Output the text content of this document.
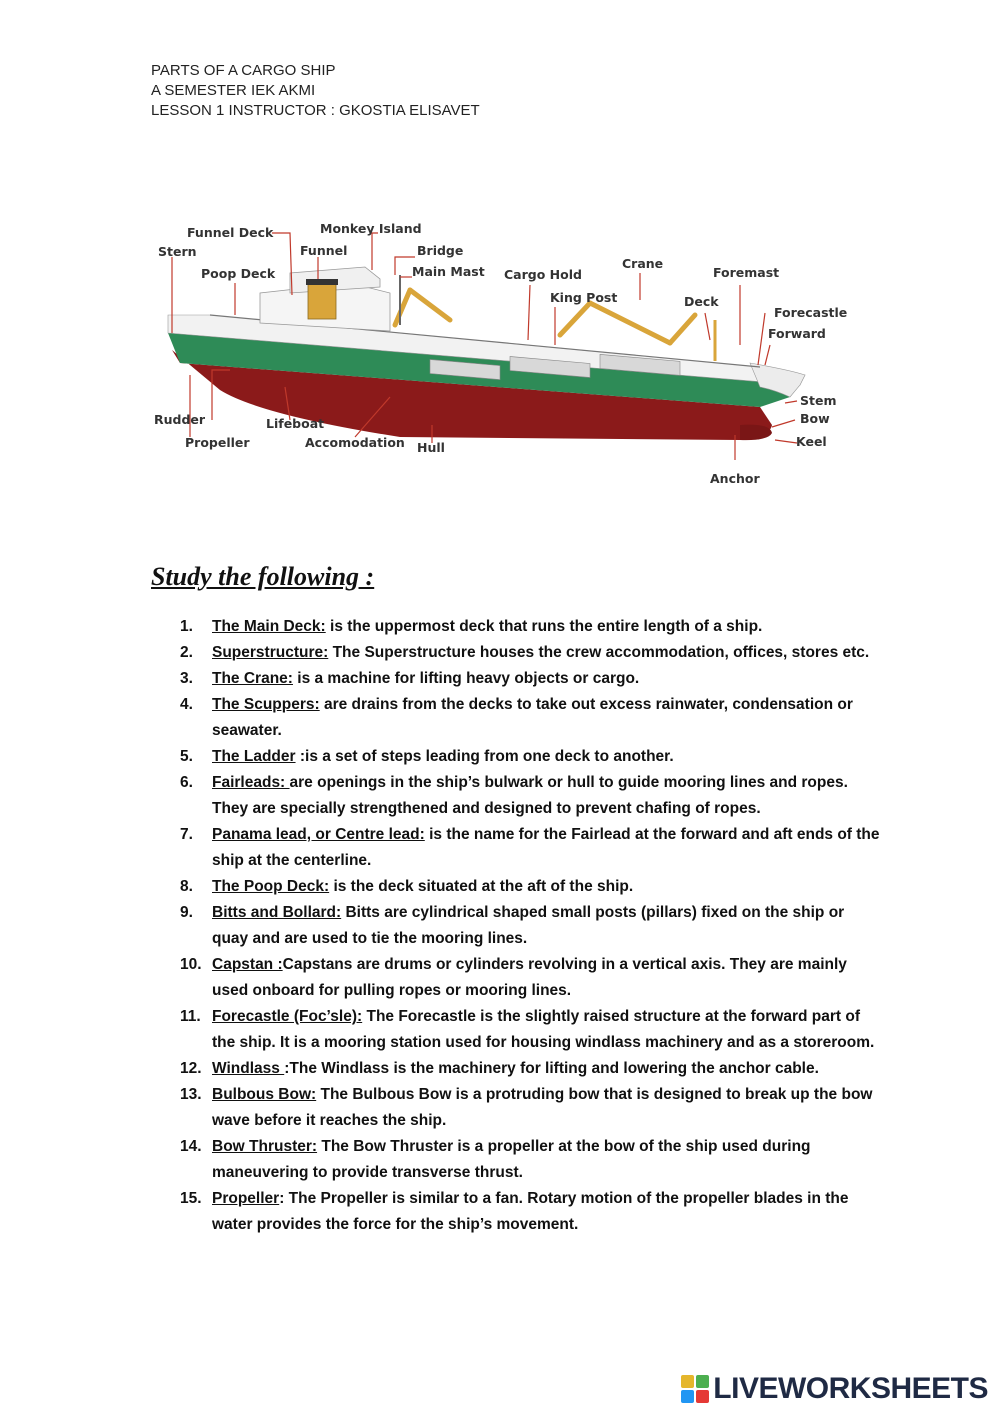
PARTS OF A CARGO SHIP
A SEMESTER IEK AKMI
LESSON 1 INSTRUCTOR : GKOSTIA ELISAVET
Funnel Deck	Monkey Island
Stern	Funnel	Bridge
Poop Deck	Main Mast Cargo Hold
Crane
Foremast
King Post	Deck
Forecastle
Forward
Stem
Bow
Keel
Rudder	Lifeboat
Propeller	Accomodation Hull
Anchor
Study the following :
1. The Main Deck: is the uppermost deck that runs the entire length of a ship.
2. Superstructure: The Superstructure houses the crew accommodation, offices, stores etc.
3. The Crane: is a machine for lifting heavy objects or cargo.
4. The Scuppers: are drains from the decks to take out excess rainwater, condensation or seawater.
5. The Ladder :is a set of steps leading from one deck to another.
6. Fairleads: are openings in the ship’s bulwark or hull to guide mooring lines and ropes. They are specially strengthened and designed to prevent chafing of ropes.
7. Panama lead, or Centre lead: is the name for the Fairlead at the forward and aft ends of the ship at the centerline.
8. The Poop Deck: is the deck situated at the aft of the ship.
9. Bitts and Bollard: Bitts are cylindrical shaped small posts (pillars) fixed on the ship or quay and are used to tie the mooring lines.
10. Capstan :Capstans are drums or cylinders revolving in a vertical axis. They are mainly used onboard for pulling ropes or mooring lines.
11. Forecastle (Foc’sle): The Forecastle is the slightly raised structure at the forward part of the ship. It is a mooring station used for housing windlass machinery and as a storeroom.
12. Windlass :The Windlass is the machinery for lifting and lowering the anchor cable.
13. Bulbous Bow: The Bulbous Bow is a protruding bow that is designed to break up the bow wave before it reaches the ship.
14. Bow Thruster: The Bow Thruster is a propeller at the bow of the ship used during maneuvering to provide transverse thrust.
15. Propeller: The Propeller is similar to a fan. Rotary motion of the propeller blades in the water provides the force for the ship’s movement.
LIVEWORKSHEETS
